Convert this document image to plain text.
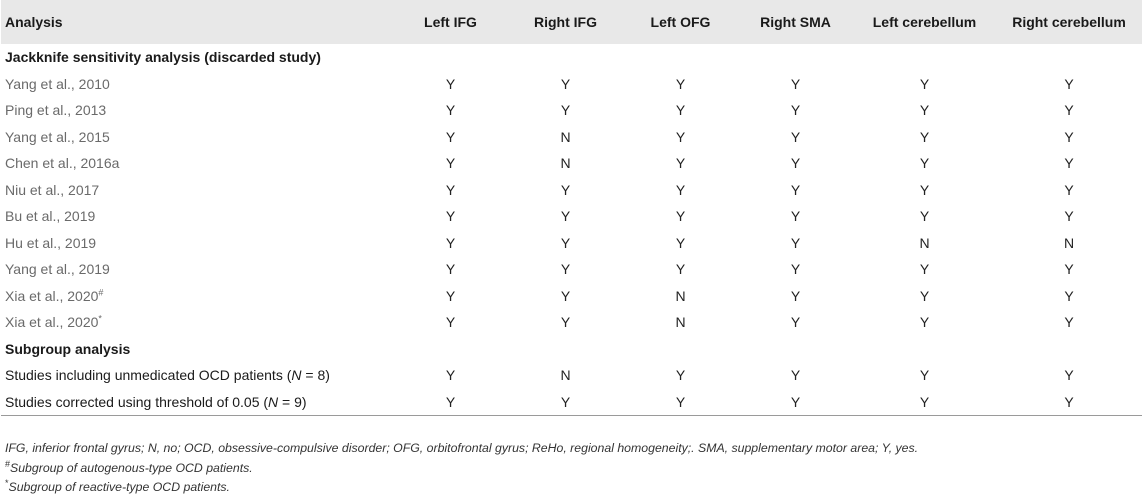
Analysis	Left IFG	Right IFG	Left OFG	Right SMA	Left cerebellum	Right cerebellum
Jackknife sensitivity analysis (discarded study)						
Yang et al., 2010	Y	Y	Y	Y	Y	Y
Ping et al., 2013	Y	Y	Y	Y	Y	Y
Yang et al., 2015	Y	N	Y	Y	Y	Y
Chen et al., 2016a	Y	N	Y	Y	Y	Y
Niu et al., 2017	Y	Y	Y	Y	Y	Y
Bu et al., 2019	Y	Y	Y	Y	Y	Y
Hu et al., 2019	Y	Y	Y	Y	N	N
Yang et al., 2019	Y	Y	Y	Y	Y	Y
Xia et al., 2020#	Y	Y	N	Y	Y	Y
Xia et al., 2020*	Y	Y	N	Y	Y	Y
Subgroup analysis						
Studies including unmedicated OCD patients (N = 8)	Y	N	Y	Y	Y	Y
Studies corrected using threshold of 0.05 (N = 9)	Y	Y	Y	Y	Y	Y
IFG, inferior frontal gyrus; N, no; OCD, obsessive-compulsive disorder; OFG, orbitofrontal gyrus; ReHo, regional homogeneity;. SMA, supplementary motor area; Y, yes.
#Subgroup of autogenous-type OCD patients.
*Subgroup of reactive-type OCD patients.
